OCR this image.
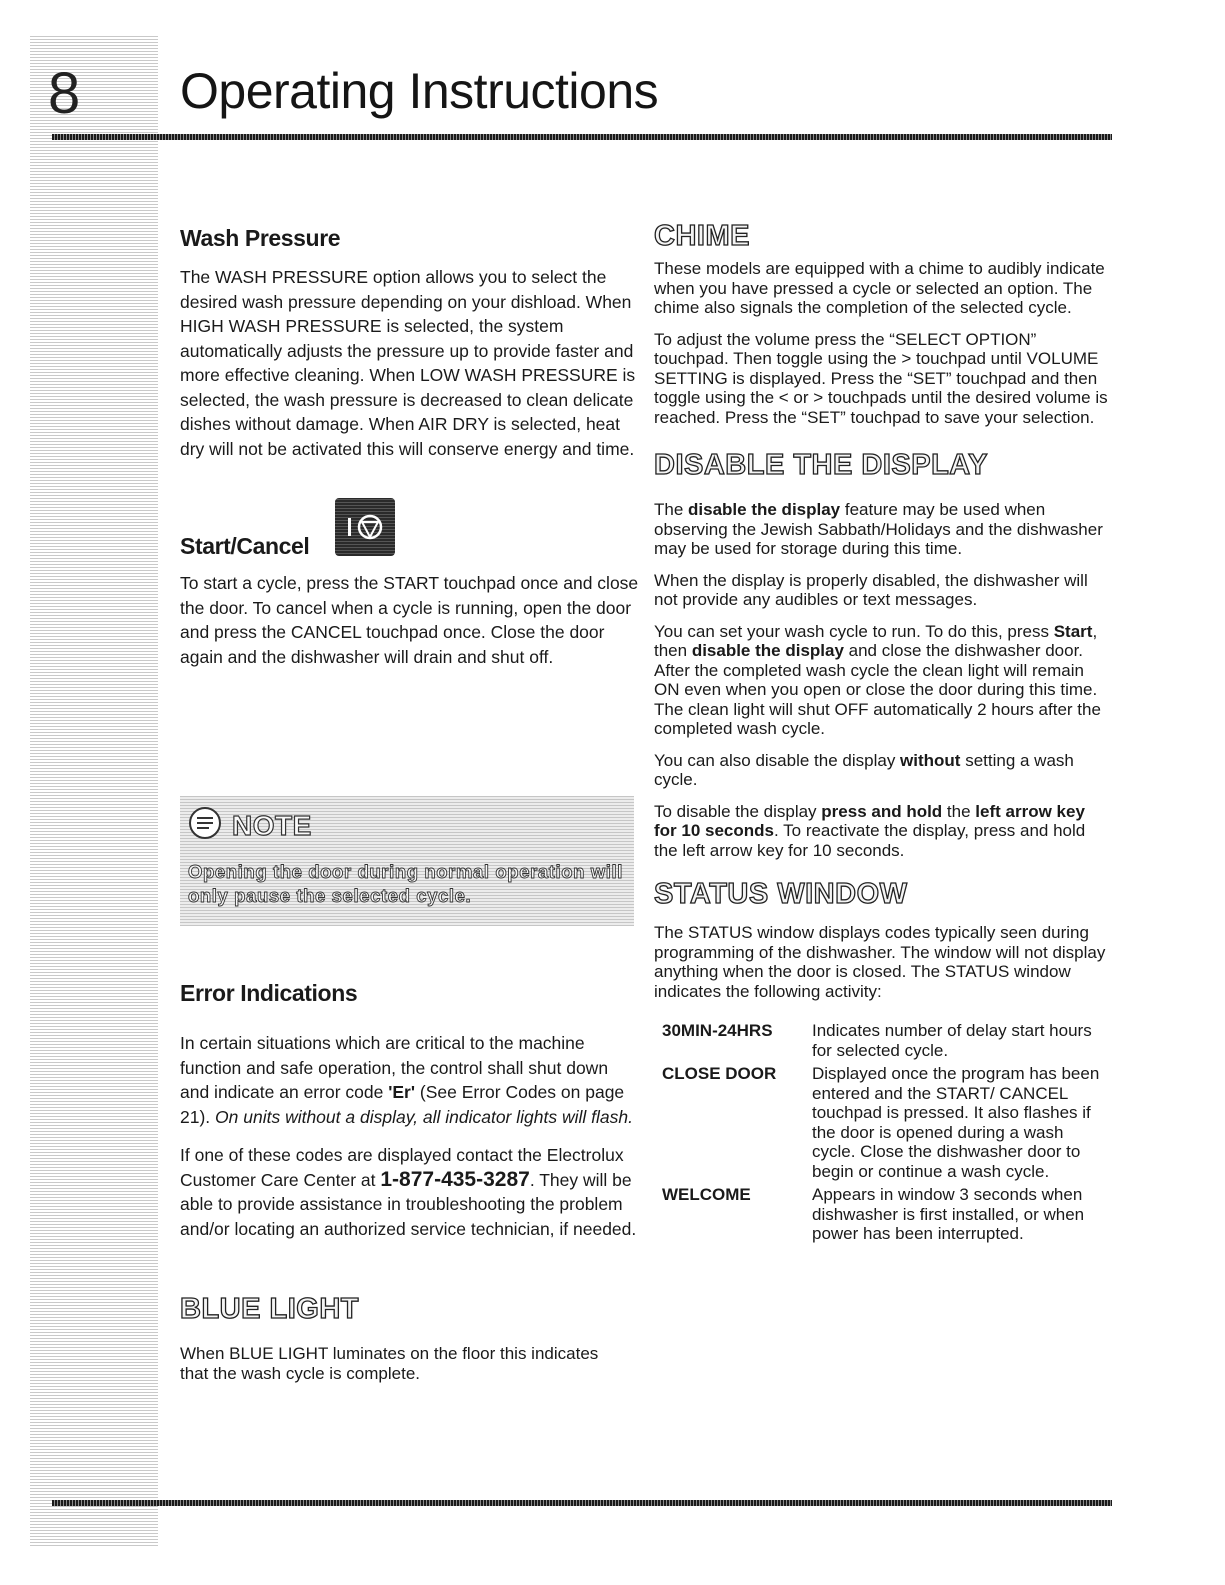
8 Operating Instructions
Wash Pressure

The WASH PRESSURE option allows you to select the desired wash pressure depending on your dishload. When HIGH WASH PRESSURE is selected, the system automatically adjusts the pressure up to provide faster and more effective cleaning. When LOW WASH PRESSURE is selected, the wash pressure is decreased to clean delicate dishes without damage. When AIR DRY is selected, heat dry will not be activated this will conserve energy and time.

Start/Cancel

To start a cycle, press the START touchpad once and close the door. To cancel when a cycle is running, open the door and press the CANCEL touchpad once. Close the door again and the dishwasher will drain and shut off.

NOTE
Opening the door during normal operation will only pause the selected cycle.
Error Indications

In certain situations which are critical to the machine function and safe operation, the control shall shut down and indicate an error code 'Er' (See Error Codes on page 21). On units without a display, all indicator lights will flash.

If one of these codes are displayed contact the Electrolux Customer Care Center at 1-877-435-3287. They will be able to provide assistance in troubleshooting the problem and/or locating an authorized service technician, if needed.

BLUE LIGHT

When BLUE LIGHT luminates on the floor this indicates that the wash cycle is complete.

CHIME

These models are equipped with a chime to audibly indicate when you have pressed a cycle or selected an option. The chime also signals the completion of the selected cycle.

To adjust the volume press the “SELECT OPTION” touchpad. Then toggle using the > touchpad until VOLUME SETTING is displayed. Press the “SET” touchpad and then toggle using the < or > touchpads until the desired volume is reached. Press the “SET” touchpad to save your selection.

DISABLE THE DISPLAY

The disable the display feature may be used when observing the Jewish Sabbath/Holidays and the dishwasher may be used for storage during this time.

When the display is properly disabled, the dishwasher will not provide any audibles or text messages.

You can set your wash cycle to run. To do this, press Start, then disable the display and close the dishwasher door. After the completed wash cycle the clean light will remain ON even when you open or close the door during this time. The clean light will shut OFF automatically 2 hours after the completed wash cycle.

You can also disable the display without setting a wash cycle.

To disable the display press and hold the left arrow key for 10 seconds. To reactivate the display, press and hold the left arrow key for 10 seconds.

STATUS WINDOW

The STATUS window displays codes typically seen during programming of the dishwasher. The window will not display anything when the door is closed. The STATUS window indicates the following activity:

30MIN-24HRS	Indicates number of delay start hours for selected cycle.
CLOSE DOOR	Displayed once the program has been entered and the START/ CANCEL touchpad is pressed. It also flashes if the door is opened during a wash cycle. Close the dishwasher door to begin or continue a wash cycle.
WELCOME	Appears in window 3 seconds when dishwasher is first installed, or when power has been interrupted.
